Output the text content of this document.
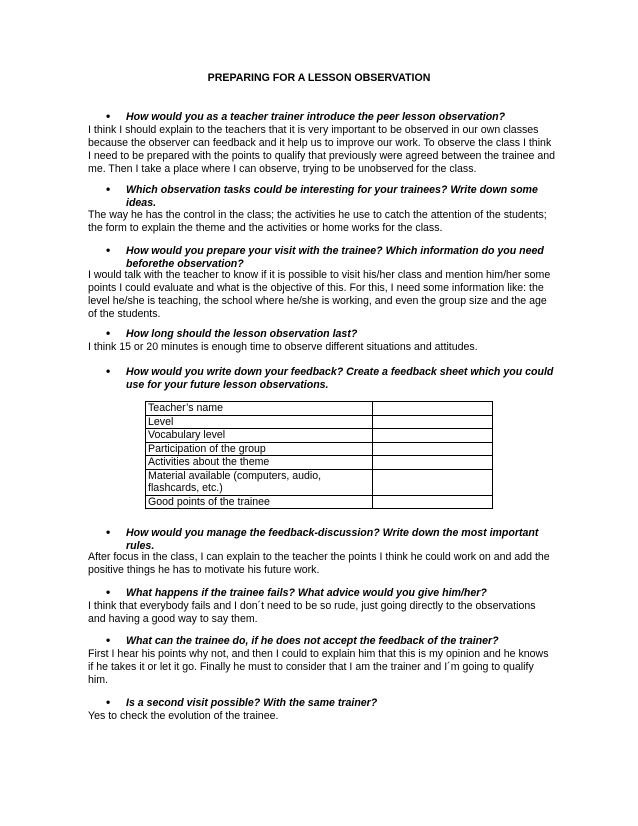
PREPARING FOR A LESSON OBSERVATION
•	How would you as a teacher trainer introduce the peer lesson observation?
I think I should explain to the teachers that it is very important to be observed in our own classes because the observer can feedback and it help us to improve our work. To observe the class I think I need to be prepared with the points to qualify that previously were agreed between the trainee and me. Then I take a place where I can observe, trying to be unobserved for the class.
•	Which observation tasks could be interesting for your trainees? Write down some ideas.
The way he has the control in the class; the activities he use to catch the attention of the students; the form to explain the theme and the activities or home works for the class.
•	How would you prepare your visit with the trainee? Which information do you need beforethe observation?
I would talk with the teacher to know if it is possible to visit his/her class and mention him/her some points I could evaluate and what is the objective of this. For this, I need some information like: the level he/she is teaching, the school where he/she is working, and even the group size and the age of the students.
•	How long should the lesson observation last?
I think 15 or 20 minutes is enough time to observe different situations and attitudes.
•	How would you write down your feedback? Create a feedback sheet which you could use for your future lesson observations.
Teacher’s name	
Level	
Vocabulary level	
Participation of the group	
Activities about the theme	
Material available (computers, audio, flashcards, etc.)	
Good points of the trainee	
•	How would you manage the feedback-discussion? Write down the most important rules.
After focus in the class, I can explain to the teacher the points I think he could work on and add the positive things he has to motivate his future work.
•	What happens if the trainee fails? What advice would you give him/her?
I think that everybody fails and I don´t need to be so rude, just going directly to the observations and having a good way to say them.
•	What can the trainee do, if he does not accept the feedback of the trainer?
First I hear his points why not, and then I could to explain him that this is my opinion and he knows if he takes it or let it go. Finally he must to consider that I am the trainer and I´m going to qualify him.
•	Is a second visit possible? With the same trainer?
Yes to check the evolution of the trainee.
